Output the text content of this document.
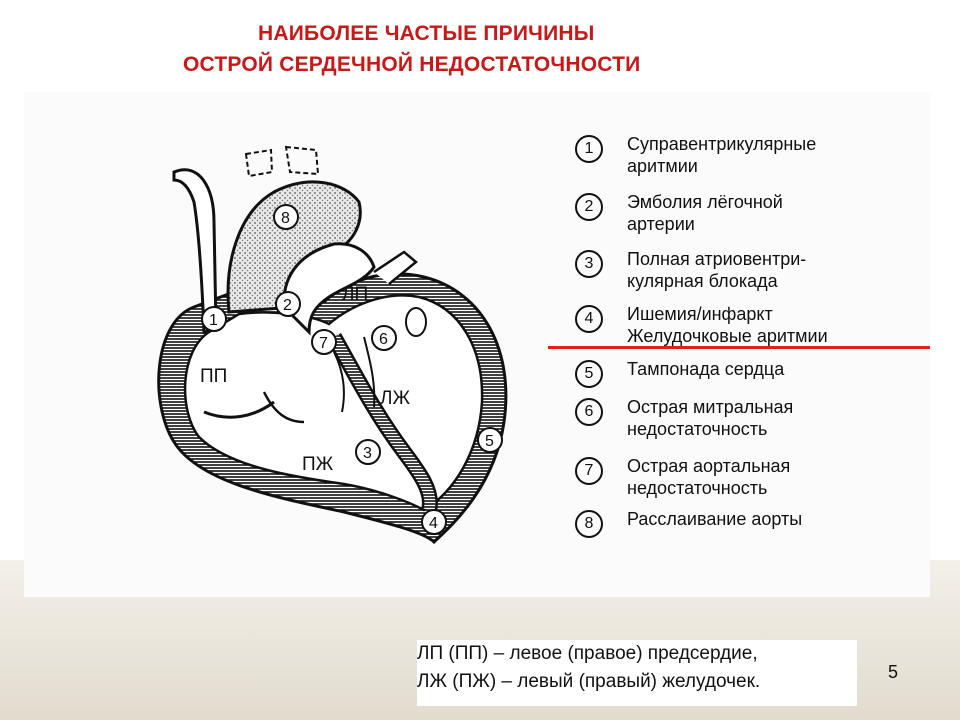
НАИБОЛЕЕ ЧАСТЫЕ ПРИЧИНЫ
ОСТРОЙ СЕРДЕЧНОЙ НЕДОСТАТОЧНОСТИ
ЛП
ПП
ЛЖ
ПЖ
1
2
3
4
5
6
7
8
1	Суправентрикулярные
аритмии
2	Эмболия лёгочной
артерии
3	Полная атриовентри-
кулярная блокада
4	Ишемия/инфаркт
Желудочковые аритмии
5	Тампонада сердца
6	Острая митральная
недостаточность
7	Острая аортальная
недостаточность
8	Расслаивание аорты
ЛП (ПП) – левое (правое) предсердие,
ЛЖ (ПЖ) – левый (правый) желудочек.	5
